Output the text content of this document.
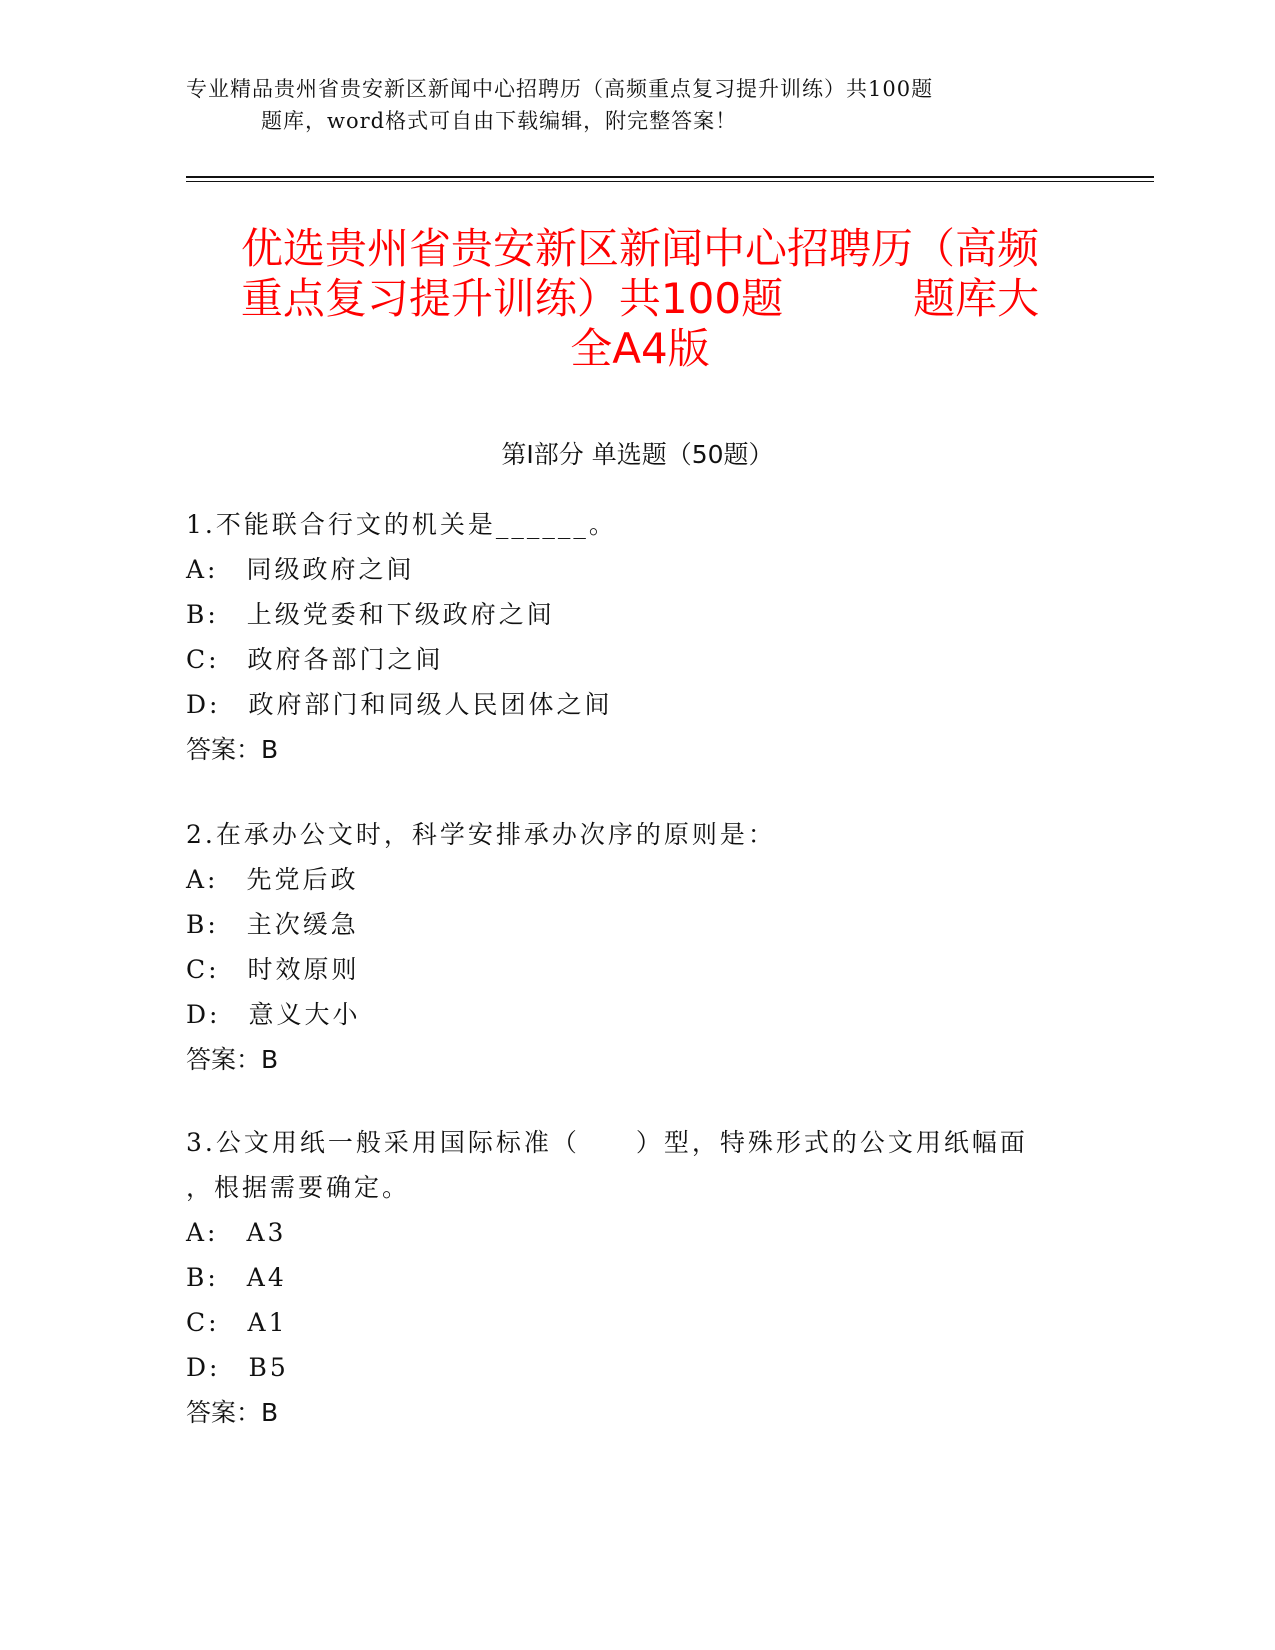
专业精品贵州省贵安新区新闻中心招聘历（高频重点复习提升训练）共100题
题库，word格式可自由下载编辑，附完整答案！
优选贵州省贵安新区新闻中心招聘历（高频
重点复习提升训练）共100题	题库大
全A4版
第Ⅰ部分 单选题（50题）
1.不能联合行文的机关是______。
A:　同级政府之间
B:　上级党委和下级政府之间
C:　政府各部门之间
D:　政府部门和同级人民团体之间
答案：B
2.在承办公文时，科学安排承办次序的原则是：
A:　先党后政
B:　主次缓急
C:　时效原则
D:　意义大小
答案：B
3.公文用纸一般采用国际标准（　　）型，特殊形式的公文用纸幅面
，根据需要确定。
A:　A3
B:　A4
C:　A1
D:　B5
答案：B
